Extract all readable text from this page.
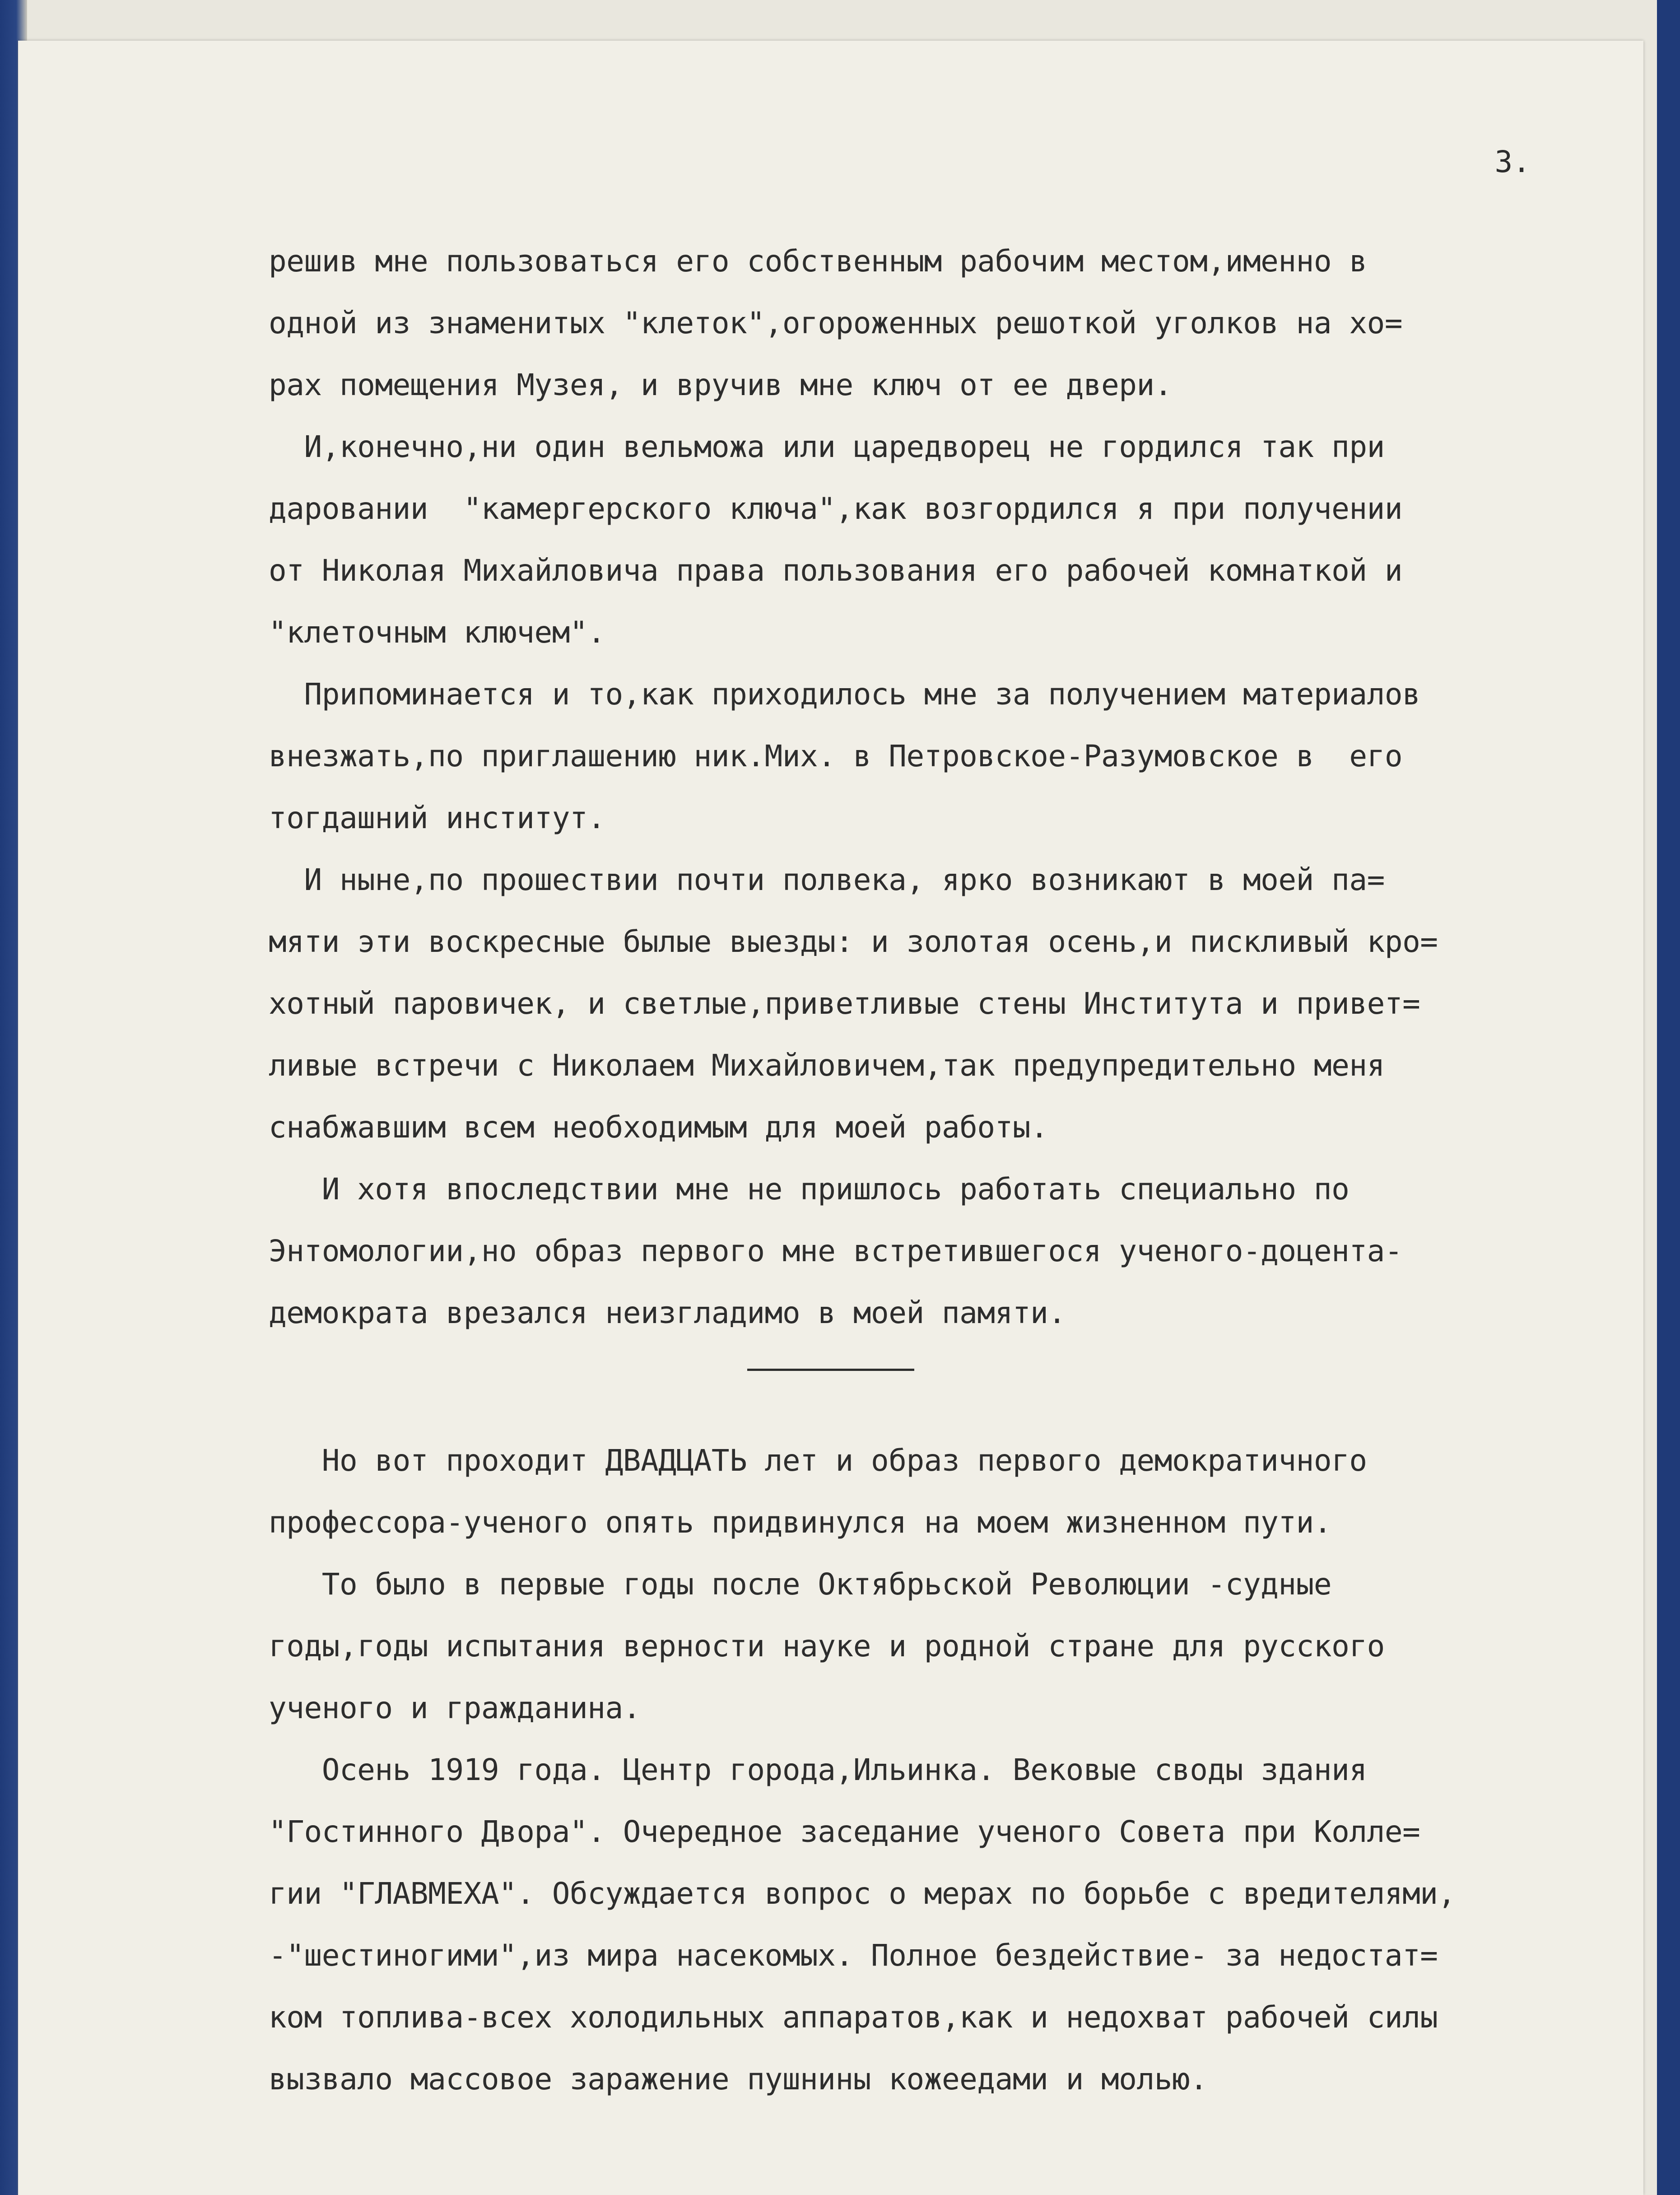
3.
решив мне пользоваться его собственным рабочим местом,именно в
одной из знаменитых "клеток",огороженных решоткой уголков на хо=
рах помещения Музея, и вручив мне ключ от ее двери.
И,конечно,ни один вельможа или царедворец не гордился так при
даровании  "камергерского ключа",как возгордился я при получении
от Николая Михайловича права пользования его рабочей комнаткой и
"клеточным ключем".
Припоминается и то,как приходилось мне за получением материалов
внезжать,по приглашению ник.Мих. в Петровское-Разумовское в  его
тогдашний институт.
И ныне,по прошествии почти полвека, ярко возникают в моей па=
мяти эти воскресные былые выезды: и золотая осень,и пискливый кро=
хотный паровичек, и светлые,приветливые стены Института и привет=
ливые встречи с Николаем Михайловичем,так предупредительно меня
снабжавшим всем необходимым для моей работы.
И хотя впоследствии мне не пришлось работать специально по
Энтомологии,но образ первого мне встретившегося ученого-доцента-
демократа врезался неизгладимо в моей памяти.
Но вот проходит ДВАДЦАТЬ лет и образ первого демократичного
профессора-ученого опять придвинулся на моем жизненном пути.
То было в первые годы после Октябрьской Революции -судные
годы,годы испытания верности науке и родной стране для русского
ученого и гражданина.
Осень 1919 года. Центр города,Ильинка. Вековые своды здания
"Гостинного Двора". Очередное заседание ученого Совета при Колле=
гии "ГЛАВМЕХА". Обсуждается вопрос о мерах по борьбе с вредителями,
-"шестиногими",из мира насекомых. Полное бездействие- за недостат=
ком топлива-всех холодильных аппаратов,как и недохват рабочей силы
вызвало массовое заражение пушнины кожеедами и молью.
